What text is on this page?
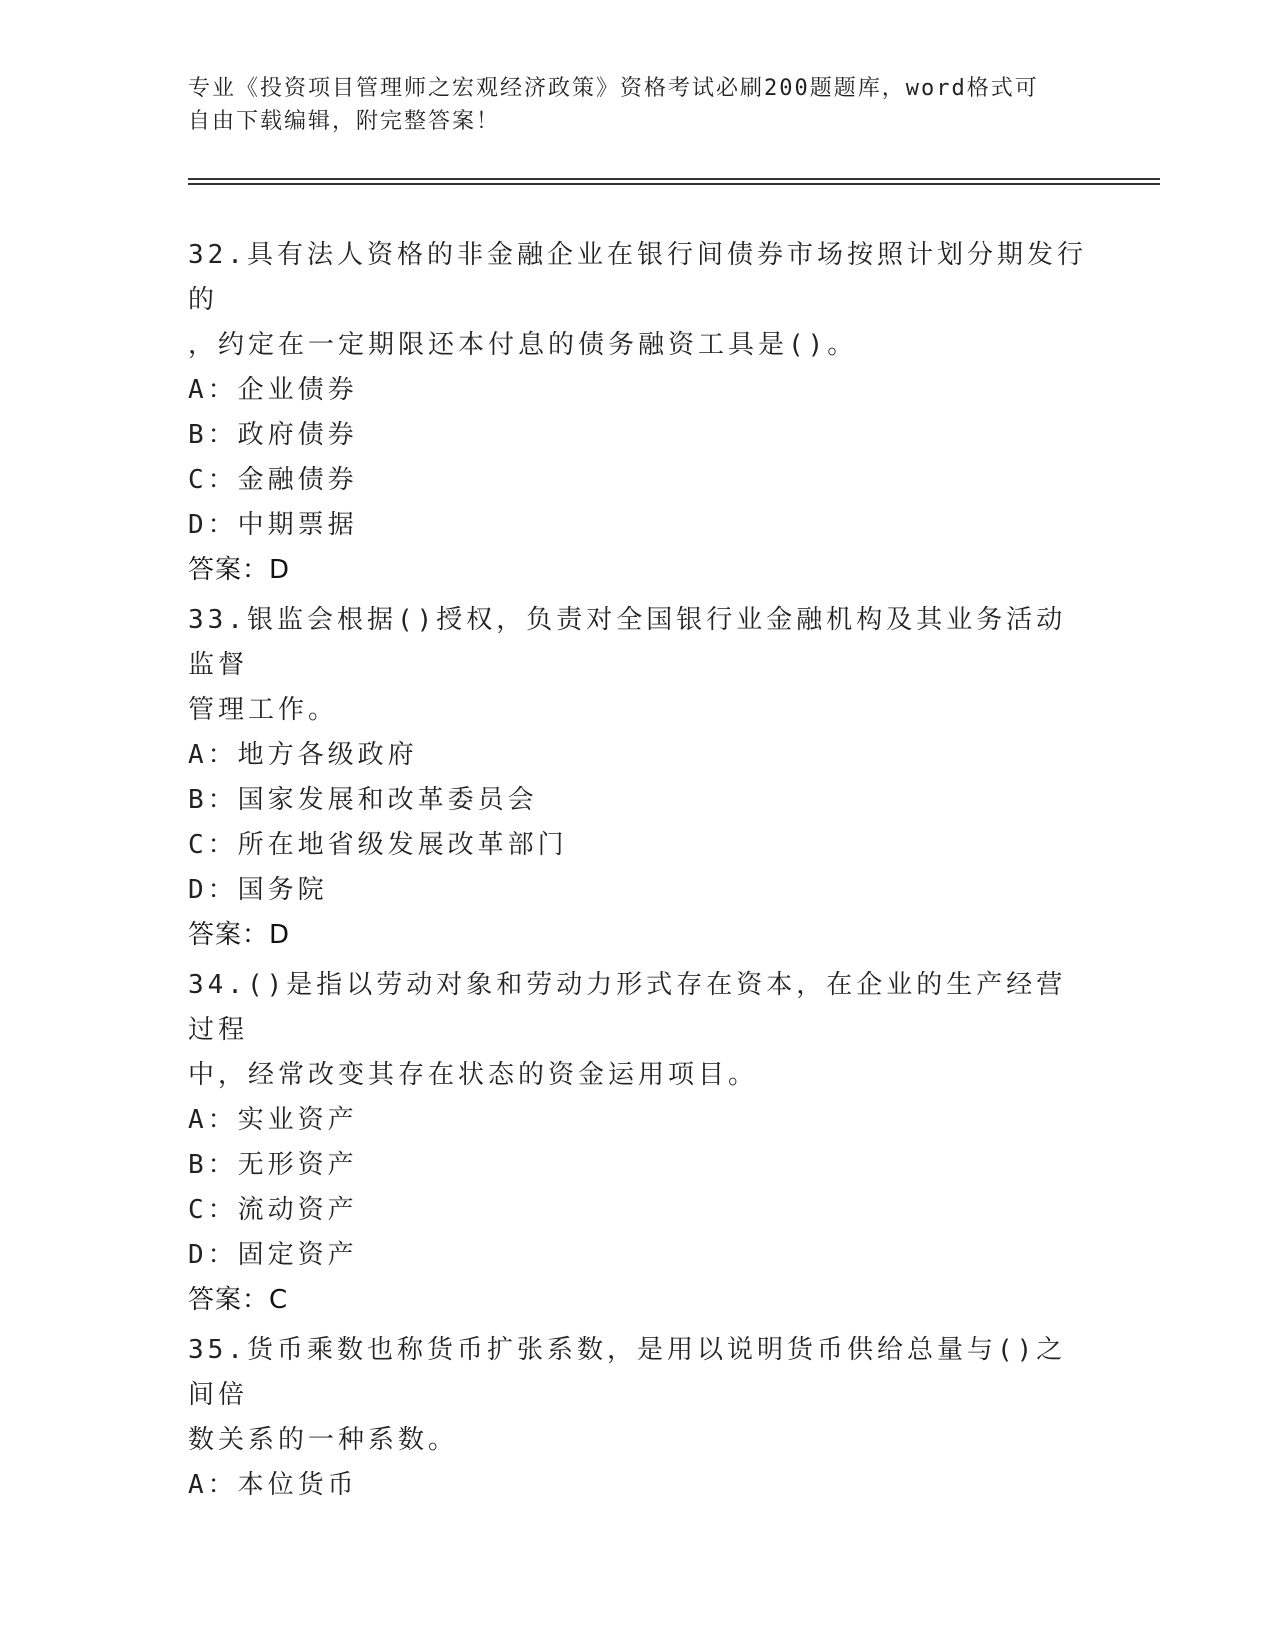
专业《投资项目管理师之宏观经济政策》资格考试必刷200题题库，word格式可
自由下载编辑，附完整答案！

32.具有法人资格的非金融企业在银行间债券市场按照计划分期发行的

，约定在一定期限还本付息的债务融资工具是()。

A：企业债券

B：政府债券

C：金融债券

D：中期票据

答案：D

33.银监会根据()授权，负责对全国银行业金融机构及其业务活动监督

管理工作。

A：地方各级政府

B：国家发展和改革委员会

C：所在地省级发展改革部门

D：国务院

答案：D

34.()是指以劳动对象和劳动力形式存在资本，在企业的生产经营过程

中，经常改变其存在状态的资金运用项目。

A：实业资产

B：无形资产

C：流动资产

D：固定资产

答案：C

35.货币乘数也称货币扩张系数，是用以说明货币供给总量与()之间倍

数关系的一种系数。

A：本位货币
